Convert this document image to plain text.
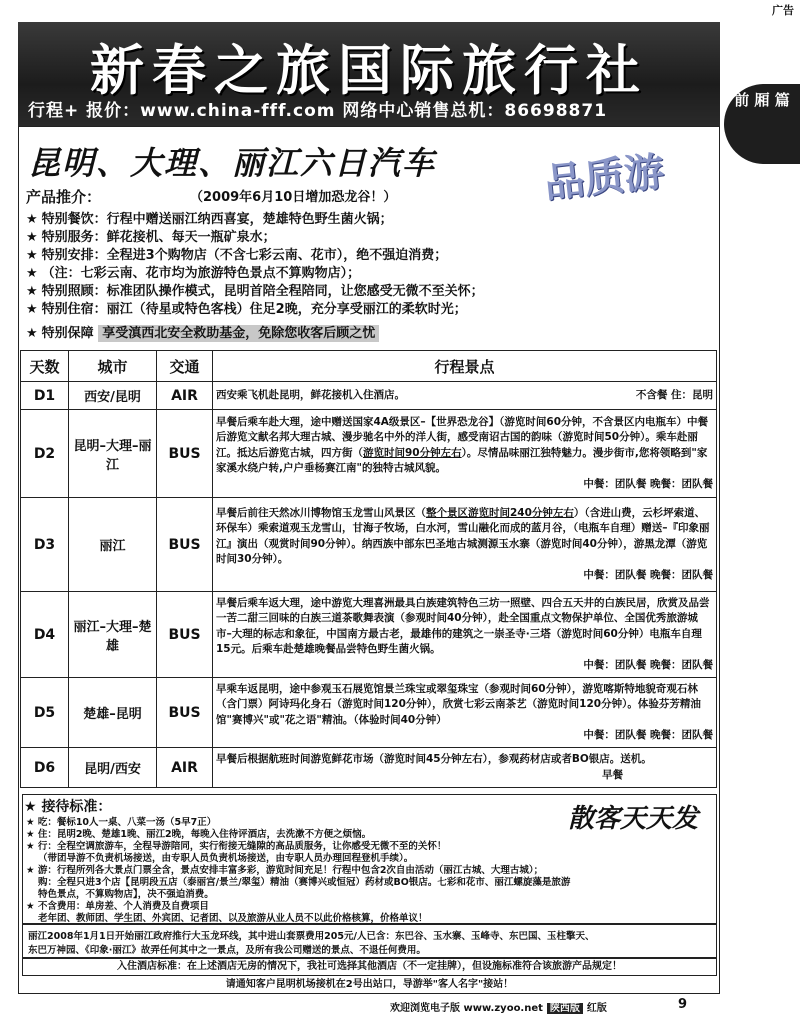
广告
新春之旅国际旅行社
行程+ 报价：www.china-fff.com 网络中心销售总机：86698871
前 厢 篇
昆明、大理、丽江六日汽车	品质游
产品推介：	（2009年6月10日增加恐龙谷！）
★ 特别餐饮：行程中赠送丽江纳西喜宴，楚雄特色野生菌火锅；
★ 特别服务：鲜花接机、每天一瓶矿泉水；
★ 特别安排：全程进3个购物店（不含七彩云南、花市），绝不强迫消费；
★ （注：七彩云南、花市均为旅游特色景点不算购物店）；
★ 特别照顾：标准团队操作模式，昆明首陪全程陪同，让您感受无微不至关怀；
★ 特别住宿：丽江（待星或特色客栈）住足2晚，充分享受丽江的柔软时光；
★ 特别保障 享受滇西北安全救助基金，免除您收客后顾之忧
天数	城市	交通	行程景点
D1	西安/昆明	AIR	西安乘飞机赴昆明，鲜花接机入住酒店。 不含餐 住：昆明

D2	昆明–大理–丽江	BUS	早餐后乘车赴大理，途中赠送国家4A级景区–【世界恐龙谷】（游览时间60分钟，不含景区内电瓶车）中餐后游览文献名邦大理古城、漫步驰名中外的洋人街，感受南诏古国的韵味（游览时间50分钟）。乘车赴丽江。抵达后游览古城，四方街（游览时间90分钟左右）。尽情品味丽江独特魅力。漫步街市,您将领略到"家家溪水绕户转,户户垂杨赛江南"的独特古城风貌。
中餐：团队餐 晚餐：团队餐

D3	丽江	BUS	早餐后前往天然冰川博物馆玉龙雪山风景区（整个景区游览时间240分钟左右）（含进山费，云杉坪索道、环保车）乘索道观玉龙雪山，甘海子牧场，白水河，雪山融化而成的蓝月谷，（电瓶车自理）赠送–『印象丽江』演出（观赏时间90分钟）。纳西族中部东巴圣地古城测源玉水寨（游览时间40分钟），游黑龙潭（游览时间30分钟）。
中餐：团队餐 晚餐：团队餐

D4	丽江–大理–楚雄	BUS	早餐后乘车返大理，途中游览大理喜洲最具白族建筑特色三坊一照壁、四合五天井的白族民居，欣赏及品尝一苦二甜三回味的白族三道茶歌舞表演（参观时间40分钟），赴全国重点文物保护单位、全国优秀旅游城市–大理的标志和象征，中国南方最古老，最雄伟的建筑之一崇圣寺·三塔（游览时间60分钟）电瓶车自理15元。后乘车赴楚雄晚餐品尝特色野生菌火锅。
中餐：团队餐 晚餐：团队餐

D5	楚雄–昆明	BUS	早乘车返昆明，途中参观玉石展览馆景兰珠宝或翠玺珠宝（参观时间60分钟），游览喀斯特地貌奇观石林（含门票）阿诗玛化身石（游览时间120分钟），欣赏七彩云南茶艺（游览时间120分钟）。体验芬芳精油馆"赛博兴"或"花之语"精油。（体验时间40分钟）
中餐：团队餐 晚餐：团队餐

D6	昆明/西安	AIR	早餐后根据航班时间游览鲜花市场（游览时间45分钟左右），参观药材店或者BO银店。送机。
早餐
★ 接待标准：	散客天天发
★ 吃：餐标10人一桌、八菜一汤（5早7正）
★ 住：昆明2晚、楚雄1晚、丽江2晚，每晚入住待评酒店，去洗漱不方便之烦恼。
★ 行：全程空调旅游车，全程导游陪同，实行衔接无缝隙的高品质服务，让你感受无微不至的关怀！
（带团导游不负责机场接送，由专职人员负责机场接送，由专职人员办理回程登机手续）。
★ 游：行程所列各大景点门票全含，景点安排丰富多彩，游览时间充足！行程中包含2次自由活动（丽江古城、大理古城）；
购：全程只进3个店【昆明段五店（泰丽宫/景兰/翠玺）精油（赛博兴或恒冠）药材或BO银店。七彩和花市、丽江螺旋藻是旅游
特色景点，不算购物店】，决不强迫消费。
★ 不含费用：单房差、个人消费及自费项目
老年团、教师团、学生团、外宾团、记者团、以及旅游从业人员不以此价格核算，价格单议！
丽江2008年1月1日开始丽江政府推行大玉龙环线，其中进山套票费用205元/人已含：东巴谷、玉水寨、玉峰寺、东巴国、玉柱擎天、
东巴万神园、《印象·丽江》故弄任何其中之一景点，及所有我公司赠送的景点、不退任何费用。
入住酒店标准：在上述酒店无房的情况下，我社可选择其他酒店（不一定挂牌），但设施标准符合该旅游产品规定！
请通知客户昆明机场接机在2号出站口，导游举"客人名字"接站！
欢迎浏览电子版 www.zyoo.net 陕西版 红版	9
